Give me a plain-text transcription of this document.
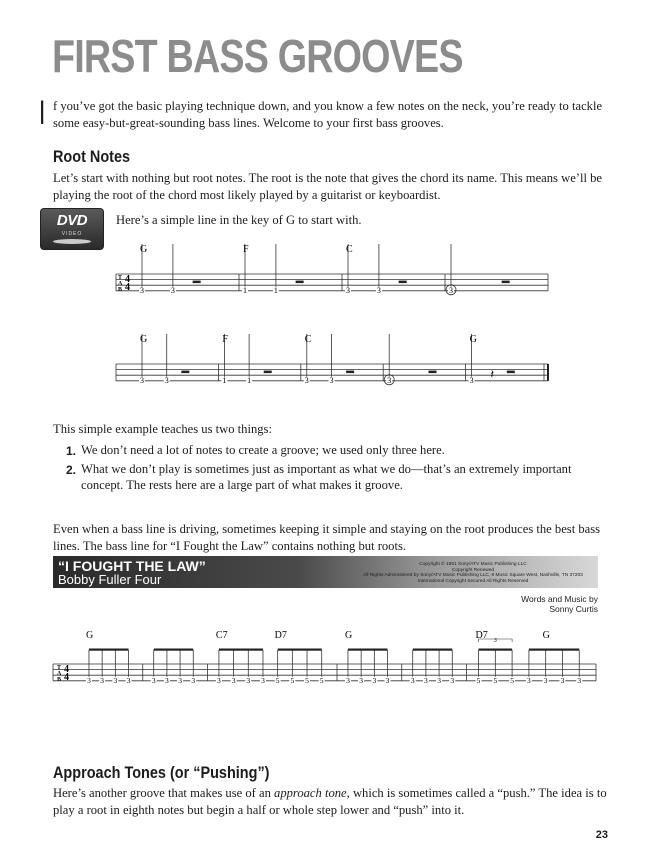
FIRST BASS GROOVES
I f you’ve got the basic playing technique down, and you know a few notes on the neck, you’re ready to tackle
some easy-but-great-sounding bass lines. Welcome to your first bass grooves.
Root Notes
Let’s start with nothing but root notes. The root is the note that gives the chord its name. This means we’ll be
playing the root of the chord most likely played by a guitarist or keyboardist.
DVD
VIDEO
Here’s a simple line in the key of G to start with.
T
A
B
4
4 3	3	1	1	3	3	3
G	F	C
3	3	1	1	3	3	3	3 𝄽
G	F	C	G
This simple example teaches us two things:
1. We don’t need a lot of notes to create a groove; we used only three here.
2. What we don’t play is sometimes just as important as what we do—that’s an extremely important
concept. The rests here are a large part of what makes it groove.
Even when a bass line is driving, sometimes keeping it simple and staying on the root produces the best bass
lines. The bass line for “I Fought the Law” contains nothing but roots.
“I FOUGHT THE LAW”
Bobby Fuller Four
Copyright © 1961 Sony/ATV Music Publishing LLC
Copyright Renewed
All Rights Administered by Sony/ATV Music Publishing LLC, 8 Music Square West, Nashville, TN 37203
International Copyright Secured All Rights Reserved
Words and Music by
Sonny Curtis
T
A
B
4
4 3 3 3 3
G
3 3 3 3	3 3 3 3 5 5 5 5
C7	D7
3 3 3 3
G
3 3 3 3	5 5 5 3 3 3 3
3
D7	G
Approach Tones (or “Pushing”)
Here’s another groove that makes use of an approach tone, which is sometimes called a “push.” The idea is to
play a root in eighth notes but begin a half or whole step lower and “push” into it.
23
